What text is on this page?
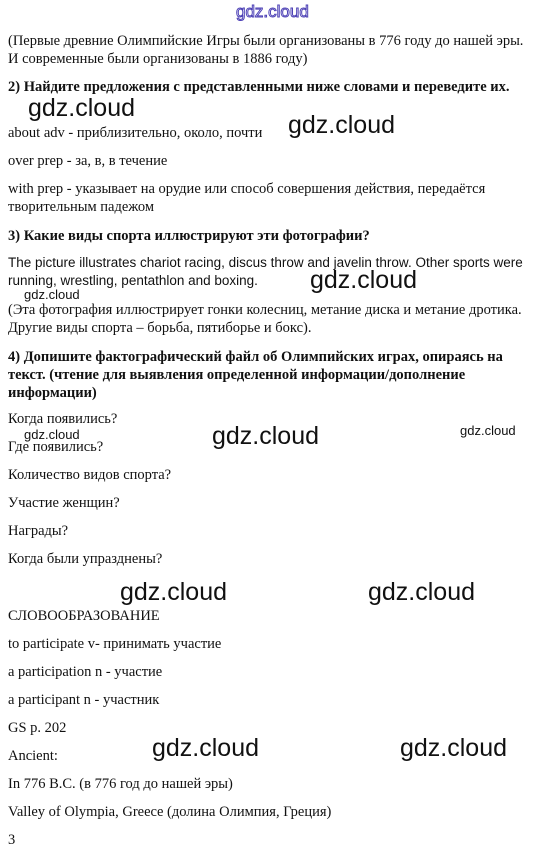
(Первые древние Олимпийские Игры были организованы в 776 году до нашей эры. И современные были организованы в 1886 году)

2) Найдите предложения с представленными ниже словами и переведите их.

about adv - приблизительно, около, почти

over prep - за, в, в течение

with prep - указывает на орудие или способ совершения действия, передаётся творительным падежом

3) Какие виды спорта иллюстрируют эти фотографии?

The picture illustrates chariot racing, discus throw and javelin throw. Other sports were running, wrestling, pentathlon and boxing.

(Эта фотография иллюстрирует гонки колесниц, метание диска и метание дротика. Другие виды спорта – борьба, пятиборье и бокс).

4) Допишите фактографический файл об Олимпийских играх, опираясь на текст. (чтение для выявления определенной информации/дополнение информации)

Когда появились?

Где появились?

Количество видов спорта?

Участие женщин?

Награды?

Когда были упразднены?

СЛОВООБРАЗОВАНИЕ

to participate v- принимать участие

a participation n - участие

a participant n - участник

GS p. 202

Ancient:

In 776 B.C. (в 776 год до нашей эры)

Valley of Olympia, Greece (долина Олимпия, Греция)

3

gdz.cloud
gdz.cloud
gdz.cloud
gdz.cloud
gdz.cloud
gdz.cloud	gdz.cloud	gdz.cloud
gdz.cloud	gdz.cloud
gdz.cloud	gdz.cloud
